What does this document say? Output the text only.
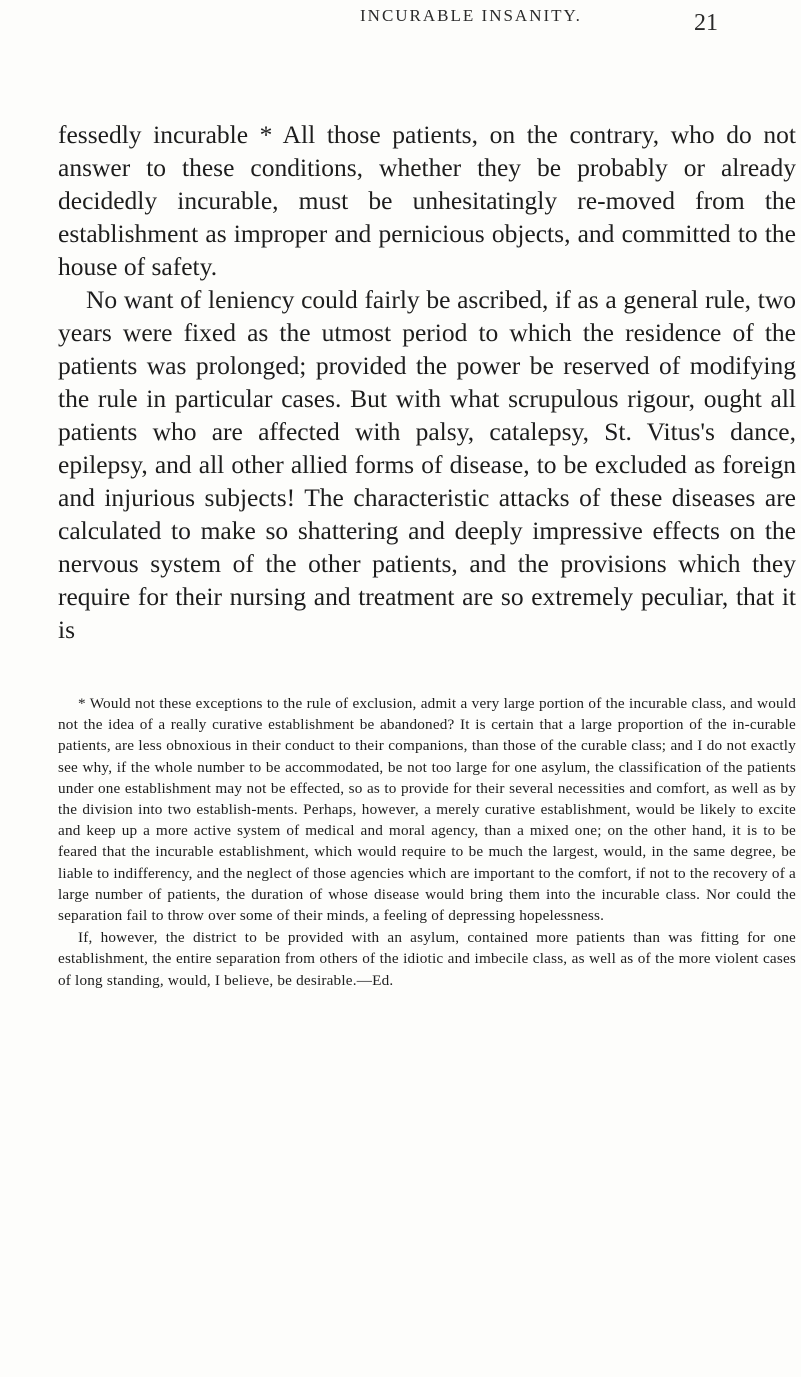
INCURABLE INSANITY.	21

fessedly incurable * All those patients, on the contrary, who do not answer to these conditions, whether they be probably or already decidedly incurable, must be unhesitatingly re-moved from the establishment as improper and pernicious objects, and committed to the house of safety.

No want of leniency could fairly be ascribed, if as a general rule, two years were fixed as the utmost period to which the residence of the patients was prolonged; provided the power be reserved of modifying the rule in particular cases. But with what scrupulous rigour, ought all patients who are affected with palsy, catalepsy, St. Vitus's dance, epilepsy, and all other allied forms of disease, to be excluded as foreign and injurious subjects! The characteristic attacks of these diseases are calculated to make so shattering and deeply impressive effects on the nervous system of the other patients, and the provisions which they require for their nursing and treatment are so extremely peculiar, that it is

* Would not these exceptions to the rule of exclusion, admit a very large portion of the incurable class, and would not the idea of a really curative establishment be abandoned? It is certain that a large proportion of the in-curable patients, are less obnoxious in their conduct to their companions, than those of the curable class; and I do not exactly see why, if the whole number to be accommodated, be not too large for one asylum, the classification of the patients under one establishment may not be effected, so as to provide for their several necessities and comfort, as well as by the division into two establish-ments. Perhaps, however, a merely curative establishment, would be likely to excite and keep up a more active system of medical and moral agency, than a mixed one; on the other hand, it is to be feared that the incurable establishment, which would require to be much the largest, would, in the same degree, be liable to indifferency, and the neglect of those agencies which are important to the comfort, if not to the recovery of a large number of patients, the duration of whose disease would bring them into the incurable class. Nor could the separation fail to throw over some of their minds, a feeling of depressing hopelessness.

If, however, the district to be provided with an asylum, contained more patients than was fitting for one establishment, the entire separation from others of the idiotic and imbecile class, as well as of the more violent cases of long standing, would, I believe, be desirable.—Ed.
